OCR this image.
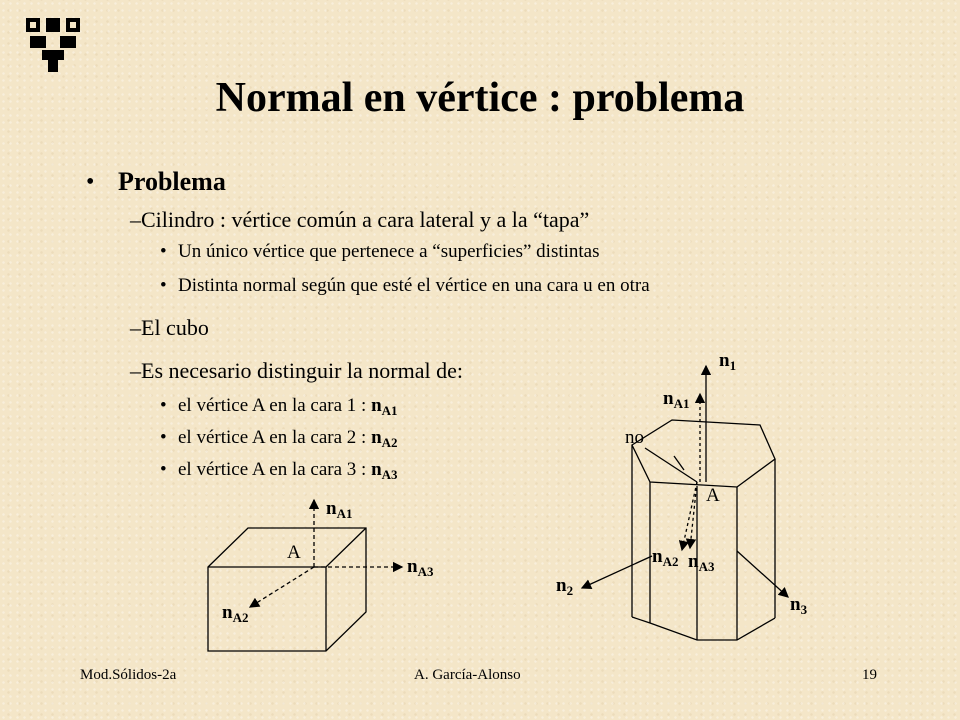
Normal en vértice : problema
• Problema
–Cilindro : vértice común a cara lateral y a la “tapa”
• Un único vértice que pertenece a “superficies” distintas
• Distinta normal según que esté el vértice en una cara u en otra
–El cubo
–Es necesario distinguir la normal de:
• el vértice A en la cara 1 : $n_{A1}$
• el vértice A en la cara 2 : $n_{A2}$
• el vértice A en la cara 3 : $n_{A3}$
A
$n_{A1}$
$n_{A3}$
$n_{A2}$
$n_1$
$n_{A1}$
no
A
$n_{A2}$ $n_{A3}$
$n_2$
$n_3$
Mod.Sólidos-2a	A. García-Alonso	19
